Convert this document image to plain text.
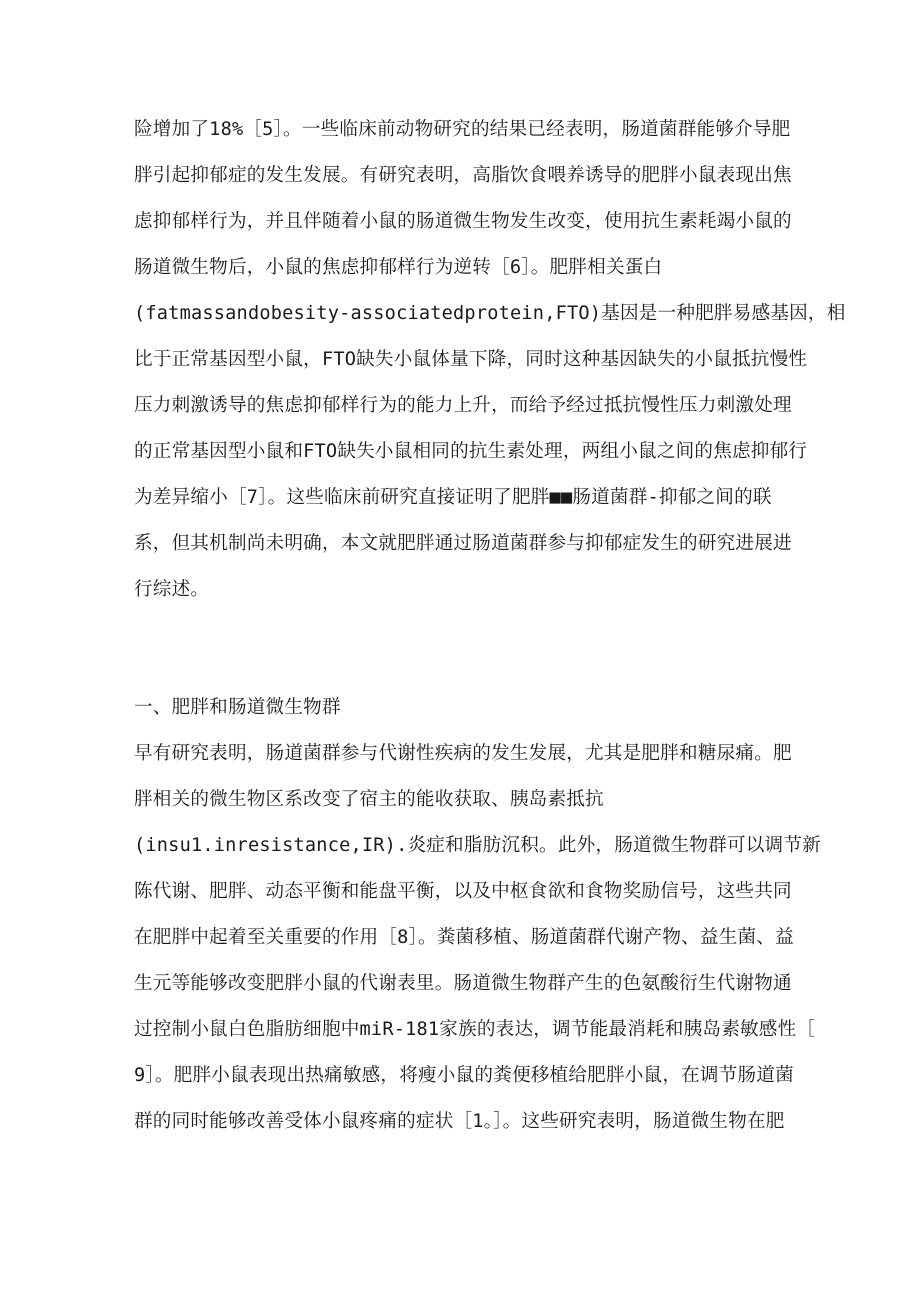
险增加了18%［5］。一些临床前动物研究的结果已经表明，肠道菌群能够介导肥
胖引起抑郁症的发生发展。有研究表明，高脂饮食喂养诱导的肥胖小鼠表现出焦
虑抑郁样行为，并且伴随着小鼠的肠道微生物发生改变，使用抗生素耗竭小鼠的
肠道微生物后，小鼠的焦虑抑郁样行为逆转［6］。肥胖相关蛋白
(fatmassandobesity-associatedprotein,FTO)基因是一种肥胖易感基因，相
比于正常基因型小鼠，FTO缺失小鼠体量下降，同时这种基因缺失的小鼠抵抗慢性
压力刺激诱导的焦虑抑郁样行为的能力上升，而给予经过抵抗慢性压力刺激处理
的正常基因型小鼠和FTO缺失小鼠相同的抗生素处理，两组小鼠之间的焦虑抑郁行
为差异缩小［7］。这些临床前研究直接证明了肥胖■■肠道菌群-抑郁之间的联
系，但其机制尚未明确，本文就肥胖通过肠道菌群参与抑郁症发生的研究进展进
行综述。
一、肥胖和肠道微生物群
早有研究表明，肠道菌群参与代谢性疾病的发生发展，尤其是肥胖和糖尿痛。肥
胖相关的微生物区系改变了宿主的能收获取、胰岛素抵抗
(insu1.inresistance,IR).炎症和脂肪沉积。此外，肠道微生物群可以调节新
陈代谢、肥胖、动态平衡和能盘平衡，以及中枢食欲和食物奖励信号，这些共同
在肥胖中起着至关重要的作用［8］。粪菌移植、肠道菌群代谢产物、益生菌、益
生元等能够改变肥胖小鼠的代谢表里。肠道微生物群产生的色氨酸衍生代谢物通
过控制小鼠白色脂肪细胞中miR-181家族的表达，调节能最消耗和胰岛素敏感性［
9］。肥胖小鼠表现出热痛敏感，将瘦小鼠的粪便移植给肥胖小鼠，在调节肠道菌
群的同时能够改善受体小鼠疼痛的症状［1。］。这些研究表明，肠道微生物在肥
